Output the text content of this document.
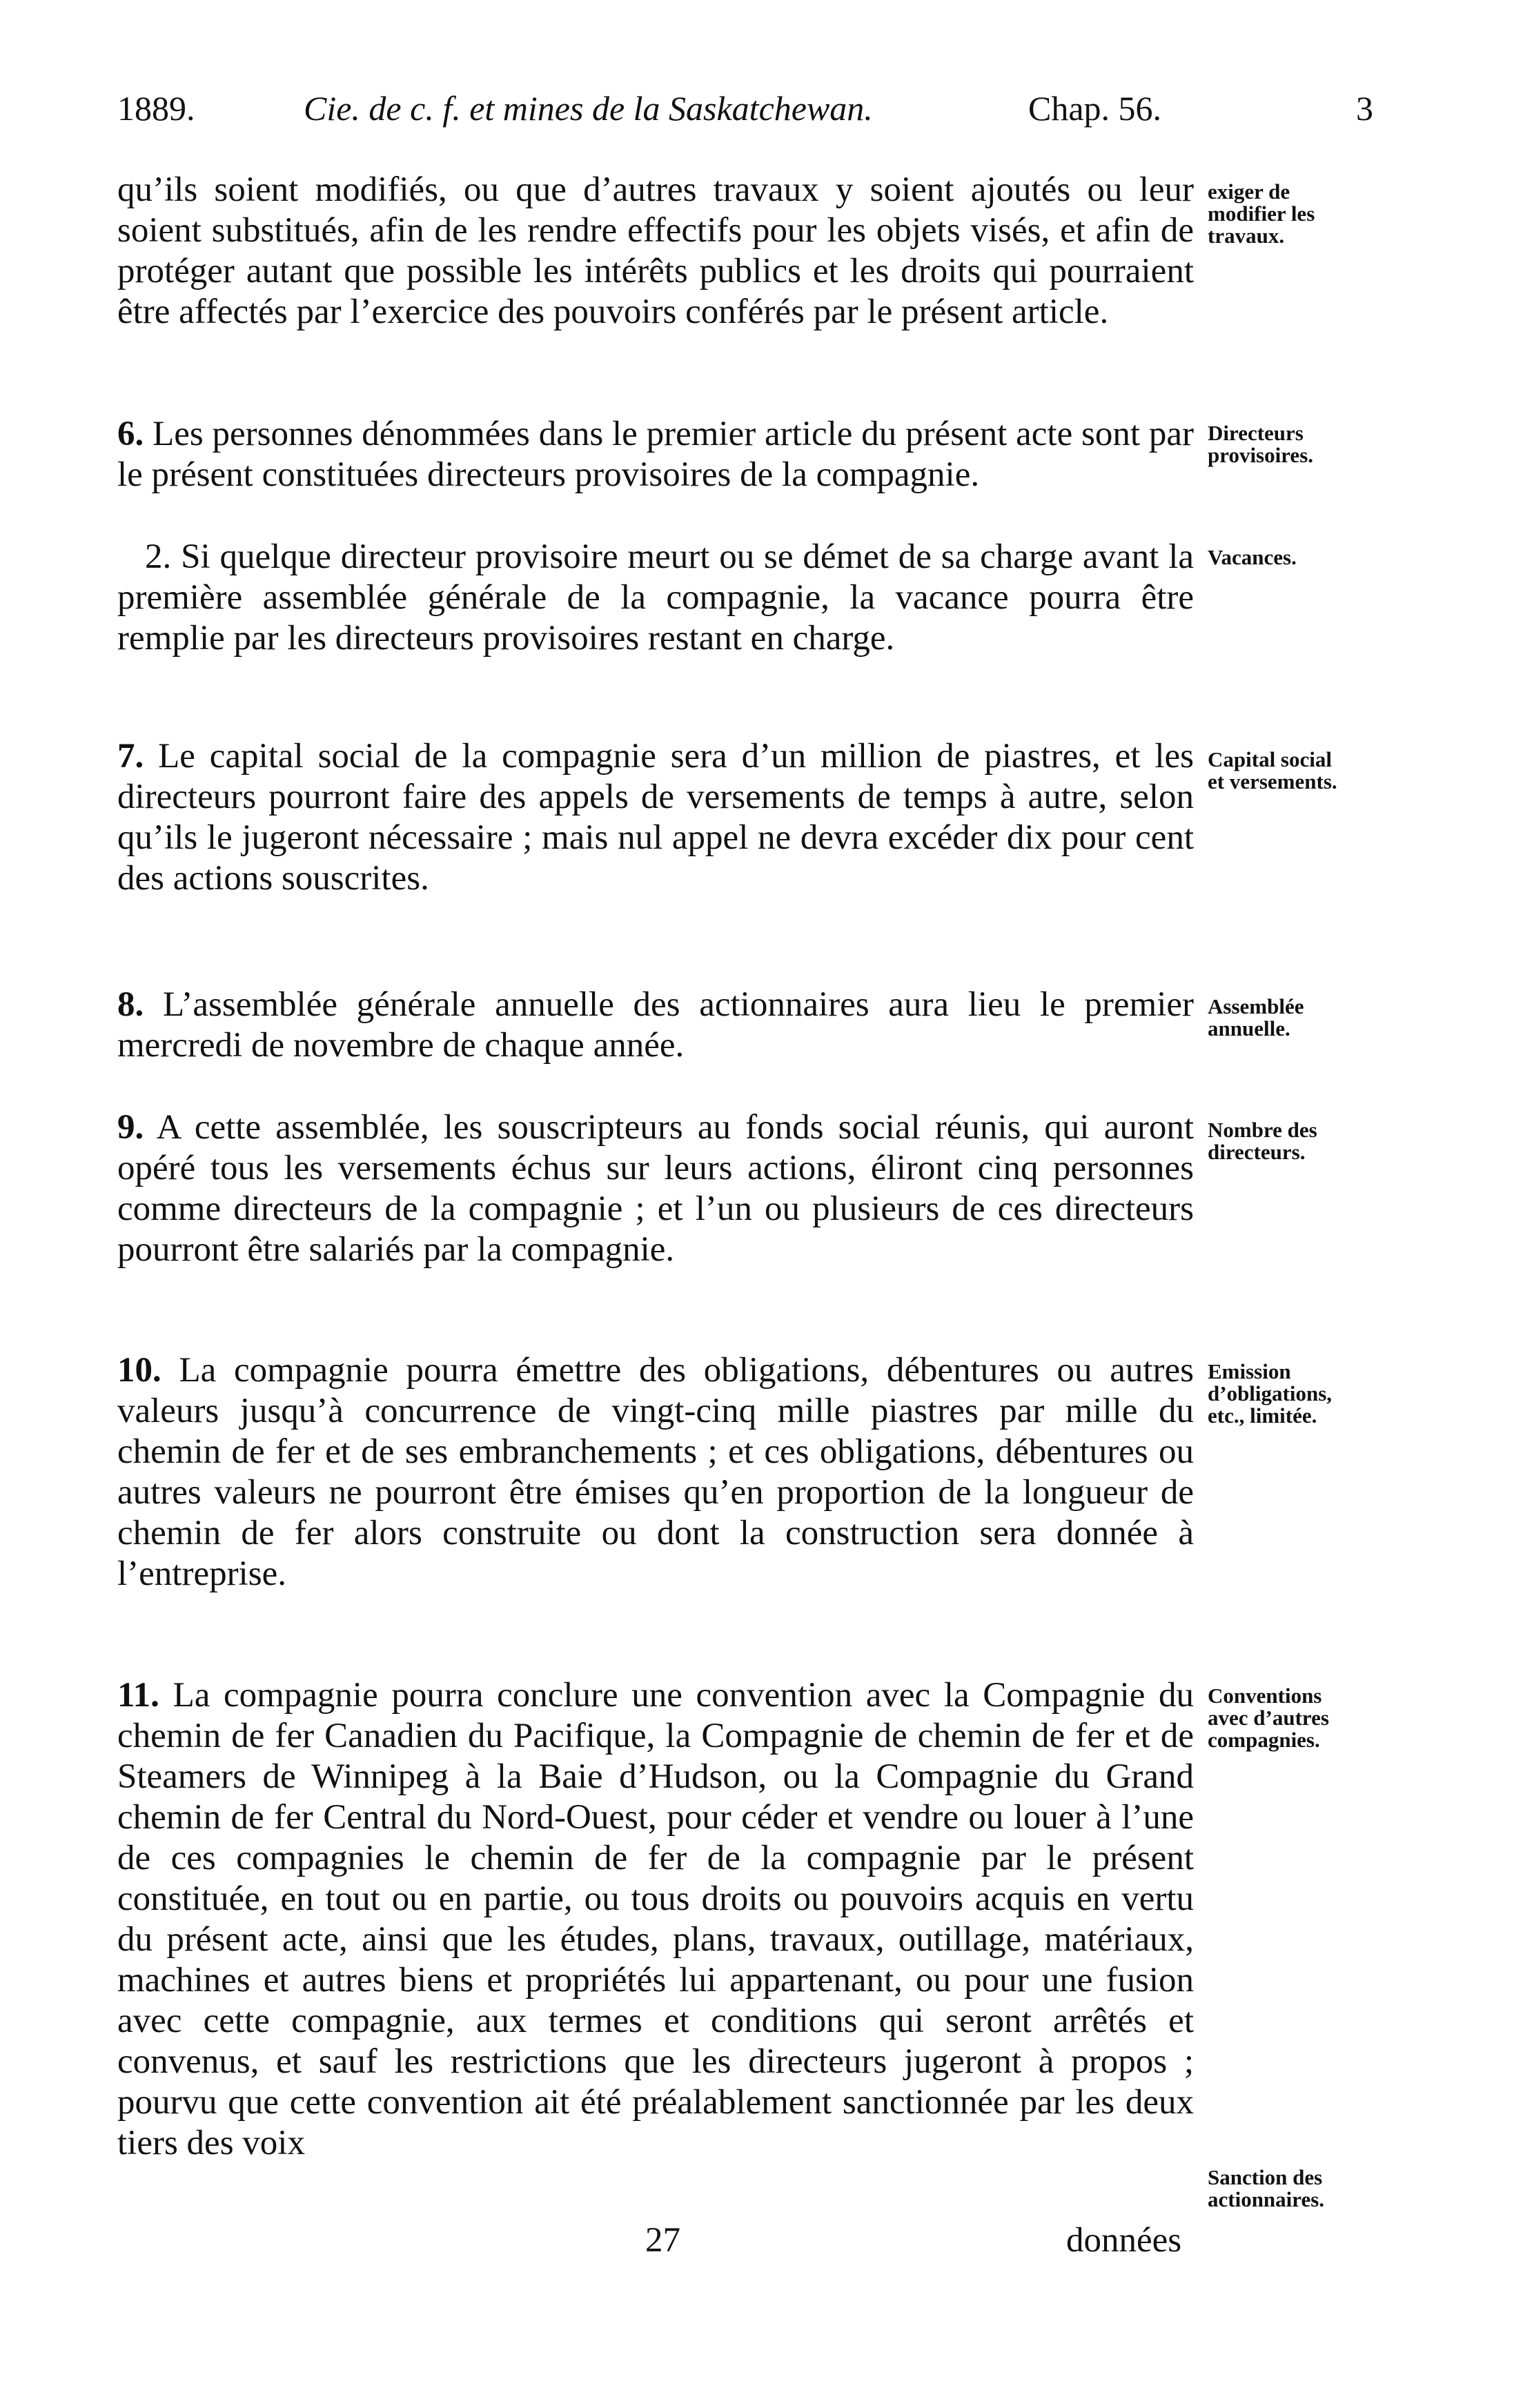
1889.	Cie. de c. f. et mines de la Saskatchewan.	Chap. 56.	3

qu’ils soient modifiés, ou que d’autres travaux y soient ajoutés ou leur soient substitués, afin de les rendre effectifs pour les objets visés, et afin de protéger autant que possible les intérêts publics et les droits qui pourraient être affectés par l’exercice des pouvoirs conférés par le présent article.

6. Les personnes dénommées dans le premier article du présent acte sont par le présent constituées directeurs provisoires de la compagnie.

2. Si quelque directeur provisoire meurt ou se démet de sa charge avant la première assemblée générale de la compagnie, la vacance pourra être remplie par les directeurs provisoires restant en charge.

7. Le capital social de la compagnie sera d’un million de piastres, et les directeurs pourront faire des appels de versements de temps à autre, selon qu’ils le jugeront nécessaire ; mais nul appel ne devra excéder dix pour cent des actions souscrites.

8. L’assemblée générale annuelle des actionnaires aura lieu le premier mercredi de novembre de chaque année.

9. A cette assemblée, les souscripteurs au fonds social réunis, qui auront opéré tous les versements échus sur leurs actions, éliront cinq personnes comme directeurs de la compagnie ; et l’un ou plusieurs de ces directeurs pourront être salariés par la compagnie.

10. La compagnie pourra émettre des obligations, débentures ou autres valeurs jusqu’à concurrence de vingt-cinq mille piastres par mille du chemin de fer et de ses embranchements ; et ces obligations, débentures ou autres valeurs ne pourront être émises qu’en proportion de la longueur de chemin de fer alors construite ou dont la construction sera donnée à l’entreprise.

11. La compagnie pourra conclure une convention avec la Compagnie du chemin de fer Canadien du Pacifique, la Compagnie de chemin de fer et de Steamers de Winnipeg à la Baie d’Hudson, ou la Compagnie du Grand chemin de fer Central du Nord-Ouest, pour céder et vendre ou louer à l’une de ces compagnies le chemin de fer de la compagnie par le présent constituée, en tout ou en partie, ou tous droits ou pouvoirs acquis en vertu du présent acte, ainsi que les études, plans, travaux, outillage, matériaux, machines et autres biens et propriétés lui appartenant, ou pour une fusion avec cette compagnie, aux termes et conditions qui seront arrêtés et convenus, et sauf les restrictions que les directeurs jugeront à propos ; pourvu que cette convention ait été préalablement sanctionnée par les deux tiers des voix

exiger de
modifier les
travaux.
Directeurs
provisoires.
Vacances.
Capital social
et versements.
Assemblée
annuelle.
Nombre des
directeurs.
Emission
d’obligations,
etc., limitée.
Conventions
avec d’autres
compagnies.
Sanction des
actionnaires.
27	données
